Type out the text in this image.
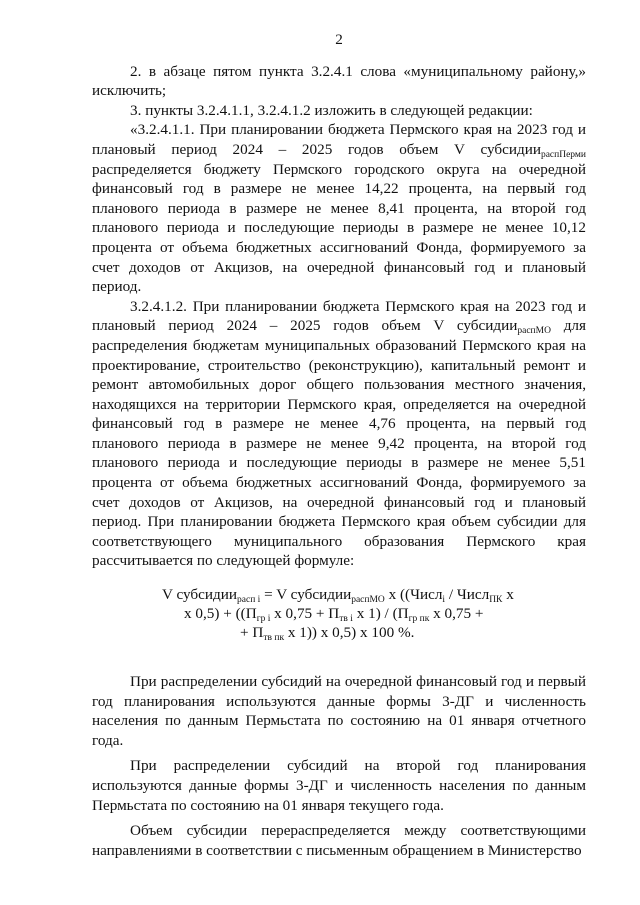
2

2. в абзаце пятом пункта 3.2.4.1 слова «муниципальному району,» исключить;

3. пункты 3.2.4.1.1, 3.2.4.1.2 изложить в следующей редакции:

«3.2.4.1.1. При планировании бюджета Пермского края на 2023 год и плановый период 2024 – 2025 годов объем V субсидии$_{распПерми}$ распределяется бюджету Пермского городского округа на очередной финансовый год в размере не менее 14,22 процента, на первый год планового периода в размере не менее 8,41 процента, на второй год планового периода и последующие периоды в размере не менее 10,12 процента от объема бюджетных ассигнований Фонда, формируемого за счет доходов от Акцизов, на очередной финансовый год и плановый период.

3.2.4.1.2. При планировании бюджета Пермского края на 2023 год и плановый период 2024 – 2025 годов объем V субсидии$_{распМО}$ для распределения бюджетам муниципальных образований Пермского края на проектирование, строительство (реконструкцию), капитальный ремонт и ремонт автомобильных дорог общего пользования местного значения, находящихся на территории Пермского края, определяется на очередной финансовый год в размере не менее 4,76 процента, на первый год планового периода в размере не менее 9,42 процента, на второй год планового периода и последующие периоды в размере не менее 5,51 процента от объема бюджетных ассигнований Фонда, формируемого за счет доходов от Акцизов, на очередной финансовый год и плановый период. При планировании бюджета Пермского края объем субсидии для соответствующего муниципального образования Пермского края рассчитывается по следующей формуле:

V субсидии$_{расп i}$ = V субсидии$_{распМО}$ x ((Числ$_i$ / Числ$_{ПК}$ x
x $0,5) + ((П_{гр i}$ x $0,75 + П_{тв i}$ x $1) / (П_{гр пк}$ x 0,75 +
+ $П_{тв пк}$ x 1)) x 0,5) x 100 %.

При распределении субсидий на очередной финансовый год и первый год планирования используются данные формы 3-ДГ и численность населения по данным Пермьстата по состоянию на 01 января отчетного года.

При распределении субсидий на второй год планирования используются данные формы 3-ДГ и численность населения по данным Пермьстата по состоянию на 01 января текущего года.

Объем субсидии перераспределяется между соответствующими направлениями в соответствии с письменным обращением в Министерство
